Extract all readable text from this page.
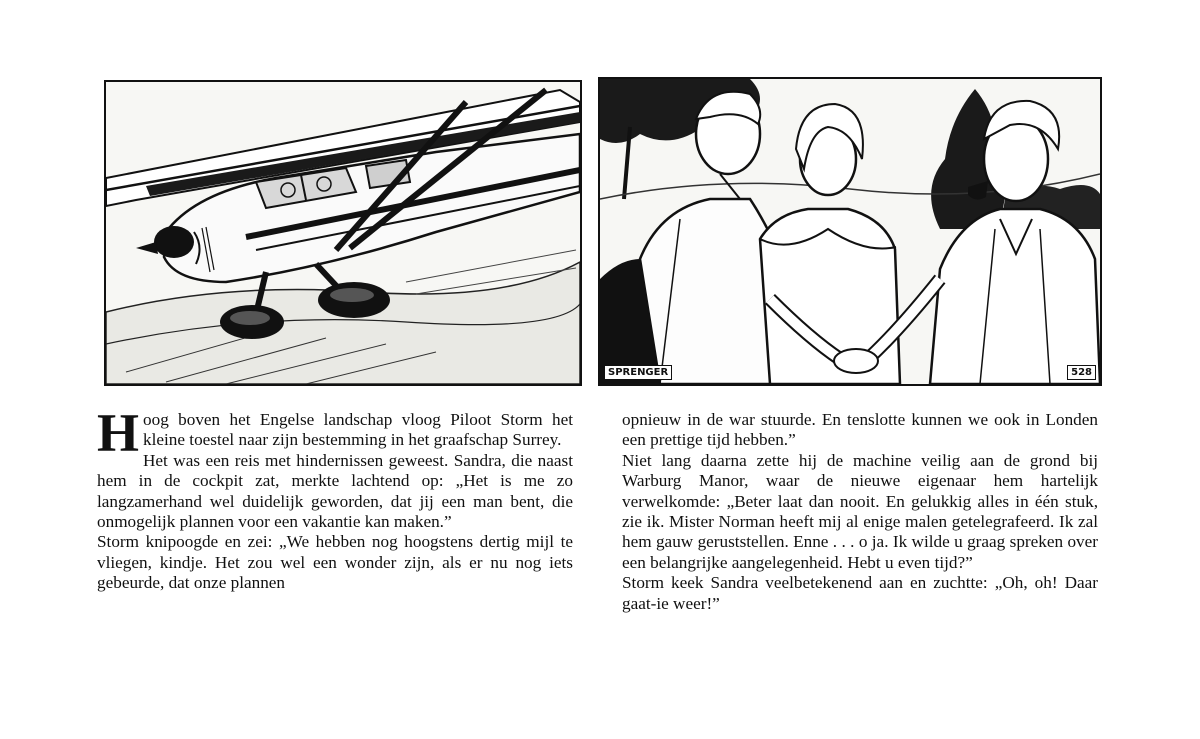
SPRENGER	528

Hoog boven het Engelse landschap vloog Piloot Storm het kleine toestel naar zijn bestemming in het graafschap Surrey.

Het was een reis met hindernissen geweest. Sandra, die naast hem in de cockpit zat, merkte lachtend op: „Het is me zo langzamerhand wel duidelijk geworden, dat jij een man bent, die onmogelijk plannen voor een vakantie kan maken.”

Storm knipoogde en zei: „We hebben nog hoogstens dertig mijl te vliegen, kindje. Het zou wel een wonder zijn, als er nu nog iets gebeurde, dat onze plannen

opnieuw in de war stuurde. En tenslotte kunnen we ook in Londen een prettige tijd hebben.”

Niet lang daarna zette hij de machine veilig aan de grond bij Warburg Manor, waar de nieuwe eigenaar hem hartelijk verwelkomde: „Beter laat dan nooit. En gelukkig alles in één stuk, zie ik. Mister Norman heeft mij al enige malen getelegrafeerd. Ik zal hem gauw geruststellen. Enne . . . o ja. Ik wilde u graag spreken over een belangrijke aangelegenheid. Hebt u even tijd?”

Storm keek Sandra veelbetekenend aan en zuchtte: „Oh, oh! Daar gaat-ie weer!”
